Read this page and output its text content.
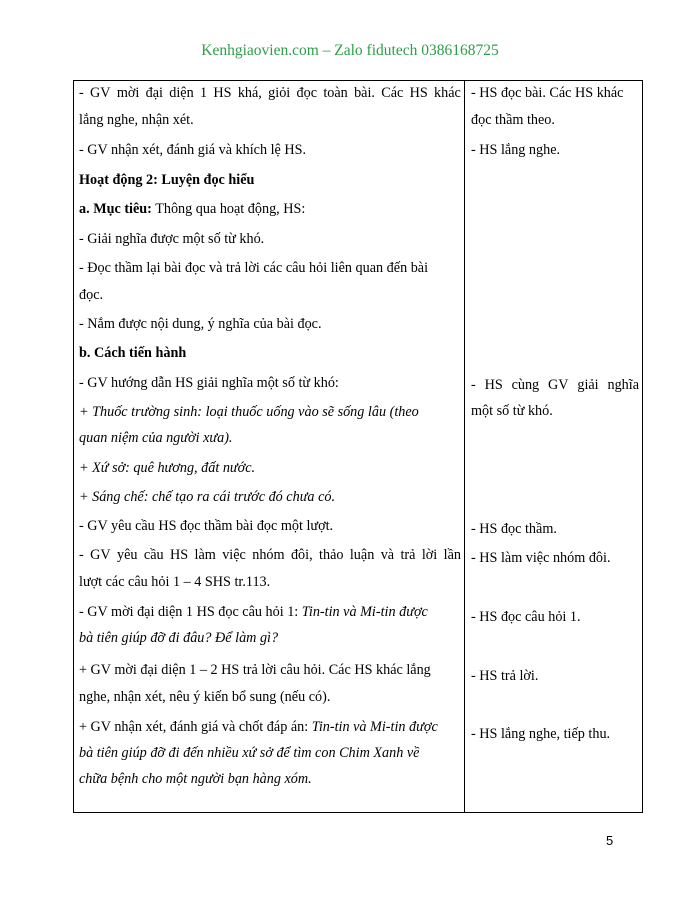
Kenhgiaovien.com – Zalo fidutech 0386168725
- GV mời đại diện 1 HS khá, giỏi đọc toàn bài. Các HS khác
lắng nghe, nhận xét.
- GV nhận xét, đánh giá và khích lệ HS.
Hoạt động 2: Luyện đọc hiểu
a. Mục tiêu: Thông qua hoạt động, HS:
- Giải nghĩa được một số từ khó.
- Đọc thầm lại bài đọc và trả lời các câu hỏi liên quan đến bài
đọc.
- Nắm được nội dung, ý nghĩa của bài đọc.
b. Cách tiến hành
- GV hướng dẫn HS giải nghĩa một số từ khó:
+ Thuốc trường sinh: loại thuốc uống vào sẽ sống lâu (theo
quan niệm của người xưa).
+ Xứ sở: quê hương, đất nước.
+ Sáng chế: chế tạo ra cái trước đó chưa có.
- GV yêu cầu HS đọc thầm bài đọc một lượt.
- GV yêu cầu HS làm việc nhóm đôi, thảo luận và trả lời lần
lượt các câu hỏi 1 – 4 SHS tr.113.
- GV mời đại diện 1 HS đọc câu hỏi 1: Tin-tin và Mi-tin được
bà tiên giúp đỡ đi đâu? Để làm gì?
+ GV mời đại diện 1 – 2 HS trả lời câu hỏi. Các HS khác lắng
nghe, nhận xét, nêu ý kiến bổ sung (nếu có).
+ GV nhận xét, đánh giá và chốt đáp án: Tin-tin và Mi-tin được
bà tiên giúp đỡ đi đến nhiều xứ sở để tìm con Chim Xanh về
chữa bệnh cho một người bạn hàng xóm.
- HS đọc bài. Các HS khác
đọc thầm theo.
- HS lắng nghe.
- HS cùng GV giải nghĩa
một số từ khó.
- HS đọc thầm.
- HS làm việc nhóm đôi.
- HS đọc câu hỏi 1.
- HS trả lời.
- HS lắng nghe, tiếp thu.
5
